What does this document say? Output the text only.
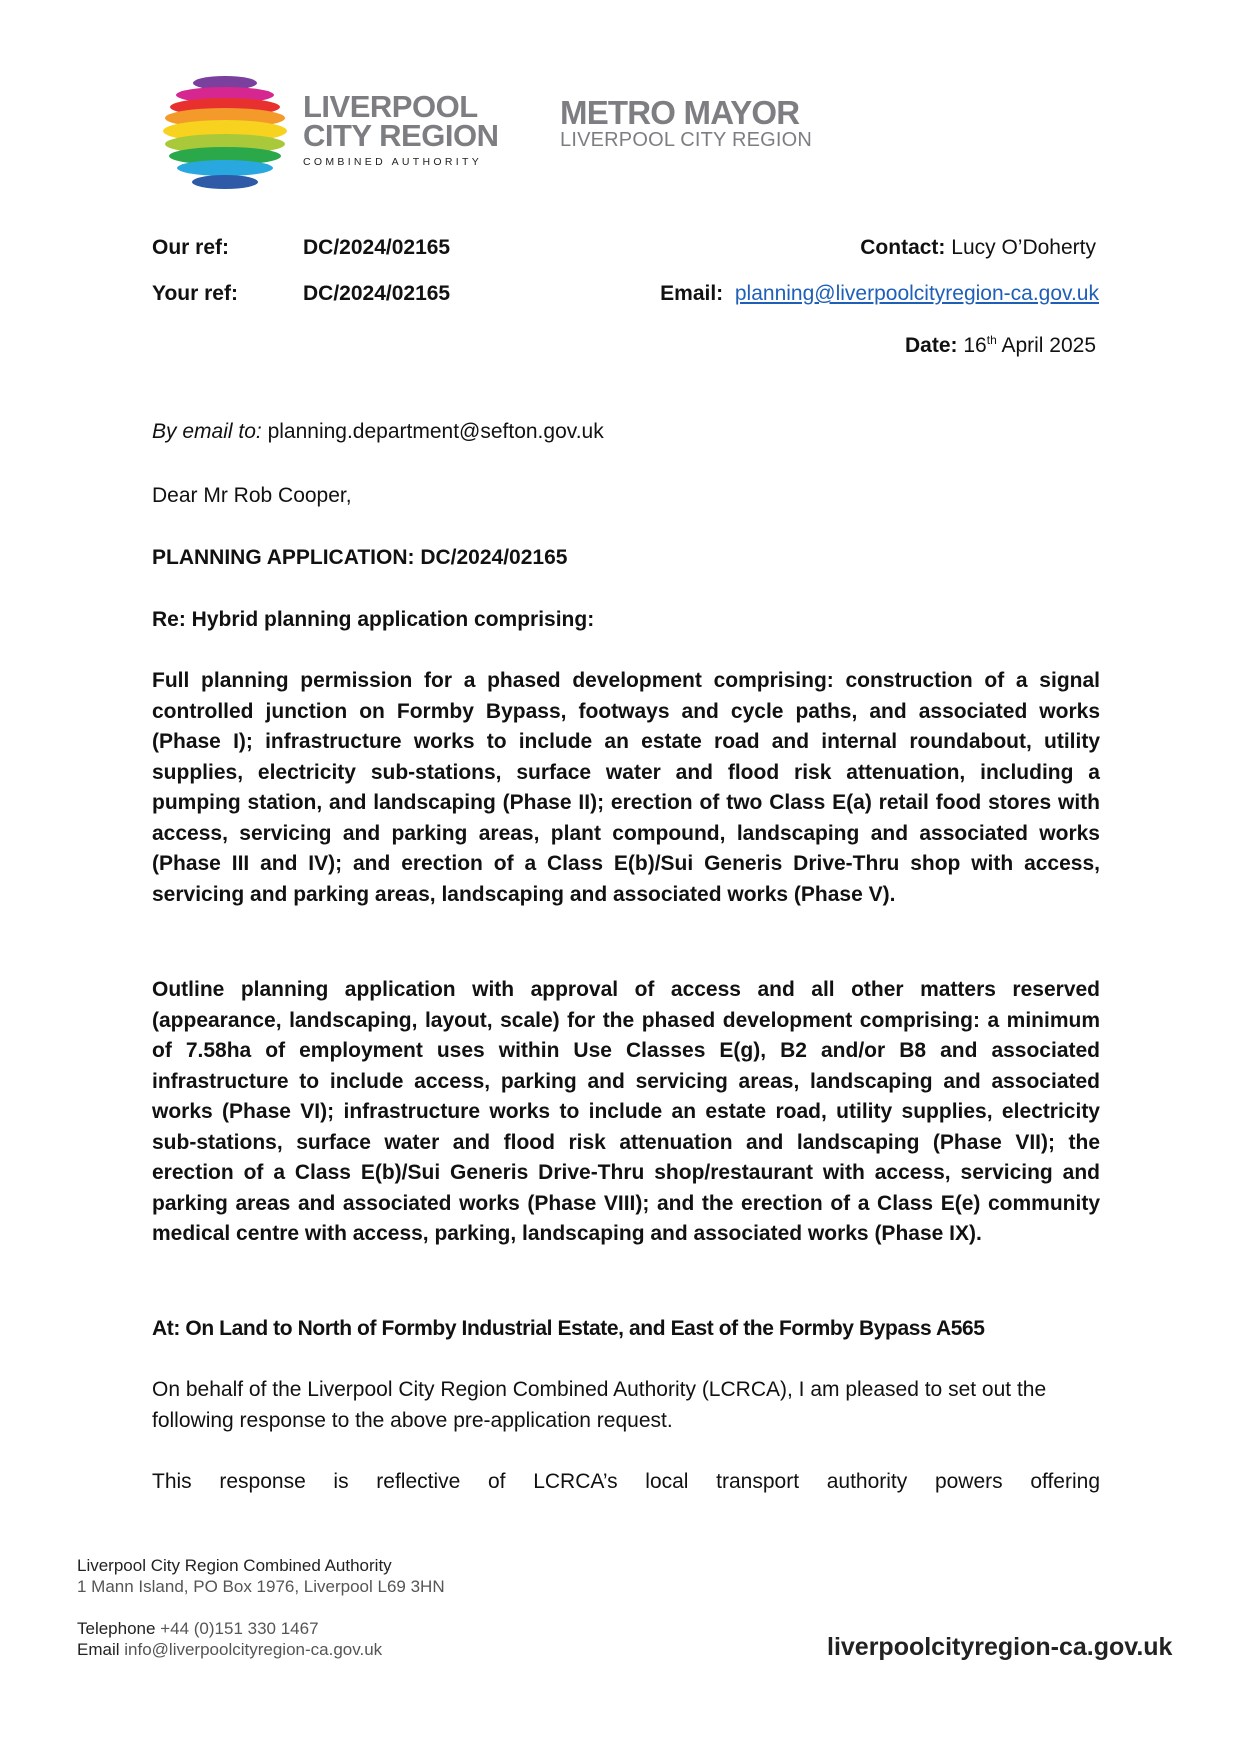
LIVERPOOL
CITY REGION
COMBINED AUTHORITY
METRO MAYOR
LIVERPOOL CITY REGION
Our ref:	DC/2024/02165
Your ref:	DC/2024/02165
Contact: Lucy O’Doherty
Email: planning@liverpoolcityregion-ca.gov.uk
Date: 16th April 2025

By email to: planning.department@sefton.gov.uk

Dear Mr Rob Cooper,

PLANNING APPLICATION: DC/2024/02165

Re: Hybrid planning application comprising:

Full planning permission for a phased development comprising: construction of a signal controlled junction on Formby Bypass, footways and cycle paths, and associated works (Phase I); infrastructure works to include an estate road and internal roundabout, utility supplies, electricity sub-stations, surface water and flood risk attenuation, including a pumping station, and landscaping (Phase II); erection of two Class E(a) retail food stores with access, servicing and parking areas, plant compound, landscaping and associated works (Phase III and IV); and erection of a Class E(b)/Sui Generis Drive-Thru shop with access, servicing and parking areas, landscaping and associated works (Phase V).

Outline planning application with approval of access and all other matters reserved (appearance, landscaping, layout, scale) for the phased development comprising: a minimum of 7.58ha of employment uses within Use Classes E(g), B2 and/or B8 and associated infrastructure to include access, parking and servicing areas, landscaping and associated works (Phase VI); infrastructure works to include an estate road, utility supplies, electricity sub-stations, surface water and flood risk attenuation and landscaping (Phase VII); the erection of a Class E(b)/Sui Generis Drive-Thru shop/restaurant with access, servicing and parking areas and associated works (Phase VIII); and the erection of a Class E(e) community medical centre with access, parking, landscaping and associated works (Phase IX).

At: On Land to North of Formby Industrial Estate, and East of the Formby Bypass A565

On behalf of the Liverpool City Region Combined Authority (LCRCA), I am pleased to set out the following response to the above pre-application request.

This response is reflective of LCRCA’s local transport authority powers offering

Liverpool City Region Combined Authority
1 Mann Island, PO Box 1976, Liverpool L69 3HN
Telephone +44 (0)151 330 1467
Email info@liverpoolcityregion-ca.gov.uk	liverpoolcityregion-ca.gov.uk
